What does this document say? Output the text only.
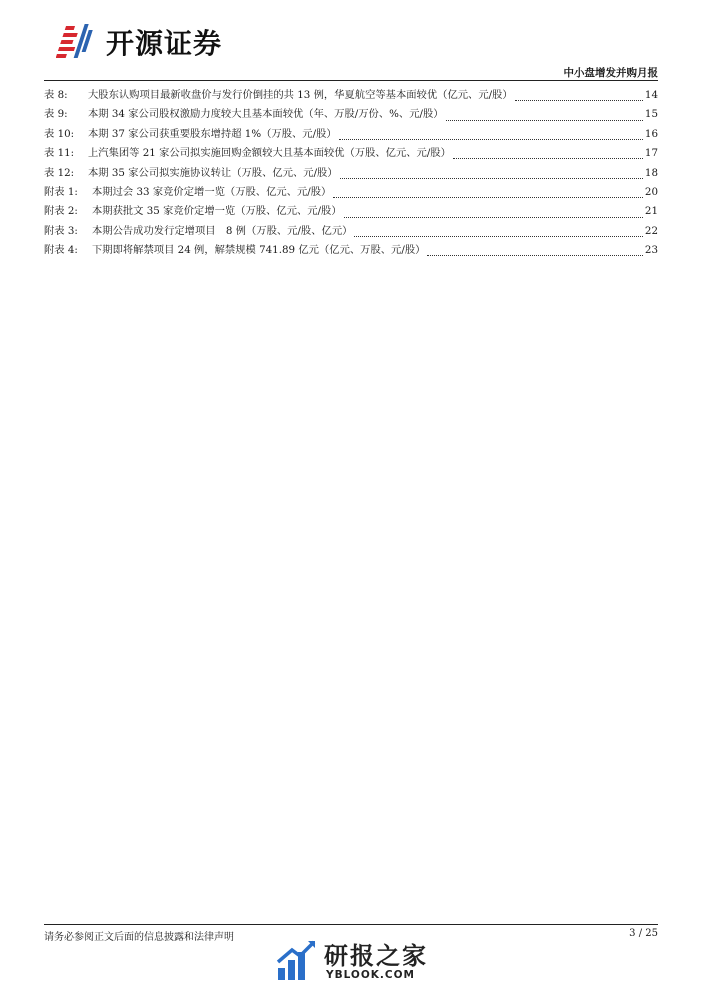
开源证券
中小盘增发并购月报
表 8:	大股东认购项目最新收盘价与发行价倒挂的共 13 例，华夏航空等基本面较优（亿元、元/股）	14
表 9:	本期 34 家公司股权激励力度较大且基本面较优（年、万股/万份、%、元/股）	15
表 10:	本期 37 家公司获重要股东增持超 1%（万股、元/股）	16
表 11:	上汽集团等 21 家公司拟实施回购金额较大且基本面较优（万股、亿元、元/股）	17
表 12:	本期 35 家公司拟实施协议转让（万股、亿元、元/股）	18
附表 1:	本期过会 33 家竞价定增一览（万股、亿元、元/股）	20
附表 2:	本期获批文 35 家竞价定增一览（万股、亿元、元/股）	21
附表 3:	本期公告成功发行定增项目　8 例（万股、元/股、亿元）	22
附表 4:	下期即将解禁项目 24 例，解禁规模 741.89 亿元（亿元、万股、元/股）	23
请务必参阅正文后面的信息披露和法律声明	3 / 25
研报之家
YBLOOK.COM
